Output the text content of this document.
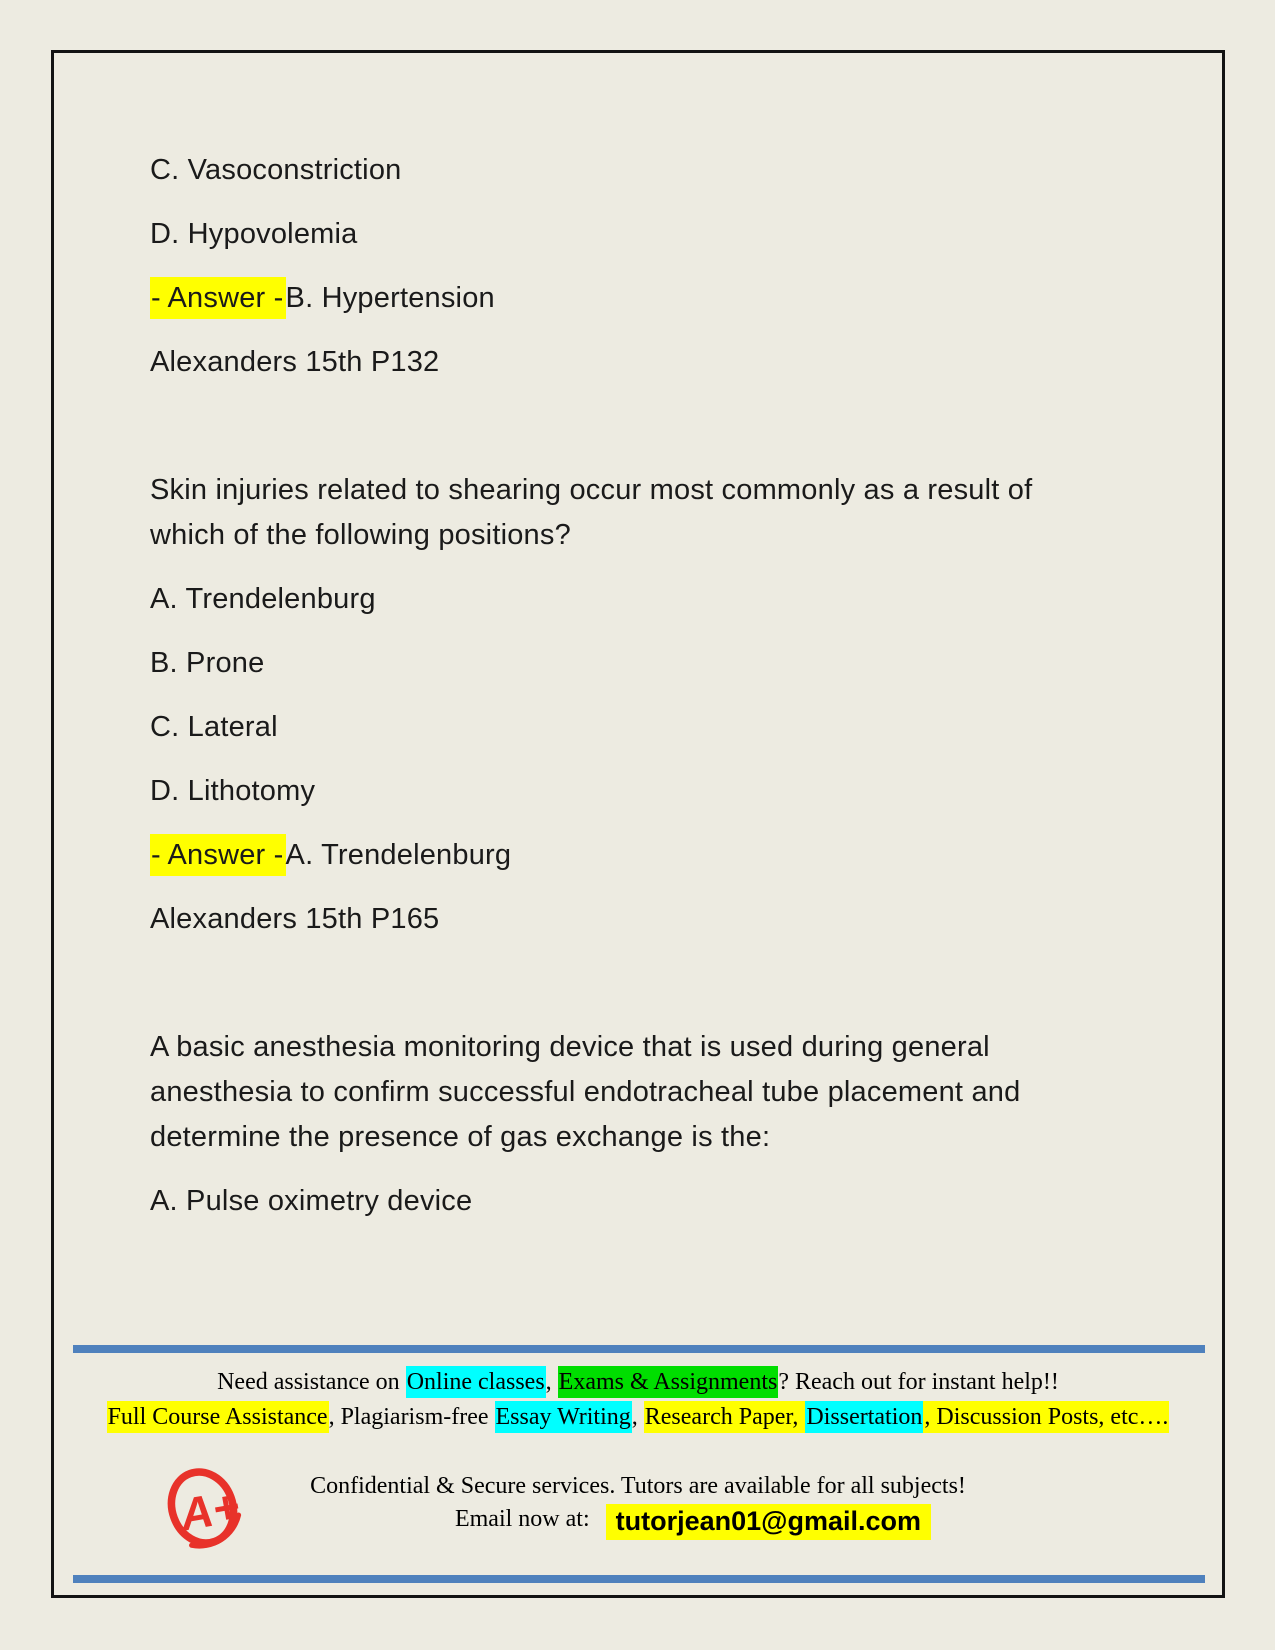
C. Vasoconstriction

D. Hypovolemia

- Answer -B. Hypertension

Alexanders 15th P132

Skin injuries related to shearing occur most commonly as a result of
which of the following positions?

A. Trendelenburg

B. Prone

C. Lateral

D. Lithotomy

- Answer -A. Trendelenburg

Alexanders 15th P165

A basic anesthesia monitoring device that is used during general
anesthesia to confirm successful endotracheal tube placement and
determine the presence of gas exchange is the:

A. Pulse oximetry device

Need assistance on Online classes, Exams & Assignments? Reach out for instant help!!
Full Course Assistance, Plagiarism-free Essay Writing, Research Paper, Dissertation, Discussion Posts, etc….
Confidential & Secure services. Tutors are available for all subjects!
Email now at: tutorjean01@gmail.com
A+
